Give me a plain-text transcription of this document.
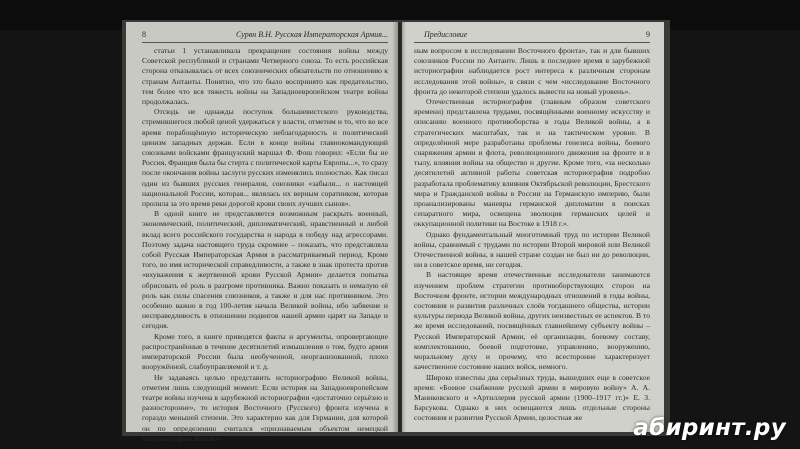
8	Сурвн В.Н. Русская Императорская Армия...

статьи 1 устанавливала прекращение состояния войны между Советской республикой и странами Четверного союза. То есть российская сторона отказывалась от всех союзнических обязательств по отношению к странам Антанты. Понятно, что это было воспринято как предательство, тем более что вся тяжесть войны на Западноевропейском театре войны продолжалась.

Отсюдь не однажды поступок большевистского руководства, стремившегося любой ценой удержаться у власти, отметим и то, что во все время порабощённую историческую неблагодарность и политический цинизм западных держав. Если в конце войны главнокомандующий союзными войсками французский маршал Ф. Фош говорил: «Если бы не Россия, Франция была бы стерта с политической карты Европы...», то сразу после окончания войны заслуги русских изменялись полностью. Как писал один из бывших русских генералов, союзники «забыли... о настоящей национальной России, которая... являлась их верным соратником, которая пролила за это время реки дорогой крови своих лучших сынов».

В одной книге не представляется возможным раскрыть военный, экономический, политический, дипломатический, нравственный и любой вклад всего российского государства и народа в победу над агрессорами. Поэтому задача настоящего труда скромнее – показать, что представляла собой Русская Императорская Армия в рассматриваемый период. Кроме того, во имя исторической справедливости, а также в знак протеста против «вхуважения к жертвенной крови Русской Армии» делается попытка обрисовать её роль в разгроме противника. Важно показать и немалую её роль как силы спасения союзников, а также и для нас противником. Это особенно важно в год 100-летия начала Великой войны, ибо забвение и несправедливость в отношении подвигов нашей армии царят на Западе и сегодня.

Кроме того, в книге приводятся факты и аргументы, опровергающие распространённые в течение десятилетий измышления о том, будто армия императорской России была необученной, неорганизованной, плохо вооружённой, слабоуправляемой и т. д.

Не задаваясь целью представить историографию Великой войны, отметим лишь следующий момент. Если история на Западноевропейском театре войны изучена в зарубежной историографии «достаточно серьёзно и разносторонне», то история Восточного (Русского) фронта изучена в гораздо меньшей степени. Это характерно как для Германии, для которой он по определению считался «признаваемым объектом немецкой историографии абсолют-

Предисловие	9

ным вопросом в исследовании Восточного фронта», так и для бывших союзников России по Антанте. Лишь в последнее время в зарубежной историографии наблюдается рост интереса к различным сторонам исследования этой войны», в связи с чем «исследование Восточного фронта до некоторой степени удалось вывести на новый уровень».

Отечественная историография (главным образом советского времени) представлена трудами, посвящёнными военному искусству и описанию военного противоборства в годы Великой войны, а в стратегических масштабах, так и на тактическом уровне. В определённой мере разработаны проблемы генезиса войны, боевого снаряжения армии и флота, революционного движения на фронте и в тылу, влияния войны на общество и другие. Кроме того, «за несколько десятилетий активной работы советская историография подробно разработала проблематику влияния Октябрьской революции, Брестского мира и Гражданской войны в России на Германскую империю, были проанализированы маневры германской дипломатии в поисках сепаратного мира, освещена эволюция германских целей и оккупационной политики на Востоке в 1918 г.».

Однако фундаментальный многотомный труд по истории Великой войны, сравнимый с трудами по истории Второй мировой или Великой Отечественной войны, в нашей стране создан не был ни до революции, ни в советское время, ни сегодня.

В настоящее время отечественные исследователи занимаются изучением проблем стратегии противоборствующих сторон на Восточном фронте, истории международных отношений в годы войны, состояния и развития различных слоёв тогдашнего общества, истории культуры периода Великой войны, других неизвестных ее аспектов. В то же время исследований, посвящённых главнейшему субъекту войны – Русской Императорской Армии, её организации, боевому составу, комплектованию, боевой подготовке, управлению, вооружению, моральному духу и прочему, что всесторонне характеризует качественное состояние наших войск, немного.

Широко известны два серьёзных труда, вышедших еще в советское время: «Боевое снабжение русской армии в мировую войну» А. А. Маниковского и «Артиллерия русской армии (1900–1917 гг.)» Е. З. Барсукова. Однако в них освещаются лишь отдельные стороны состояния и развития Русской Армии, целостная же	абиринт.ру
